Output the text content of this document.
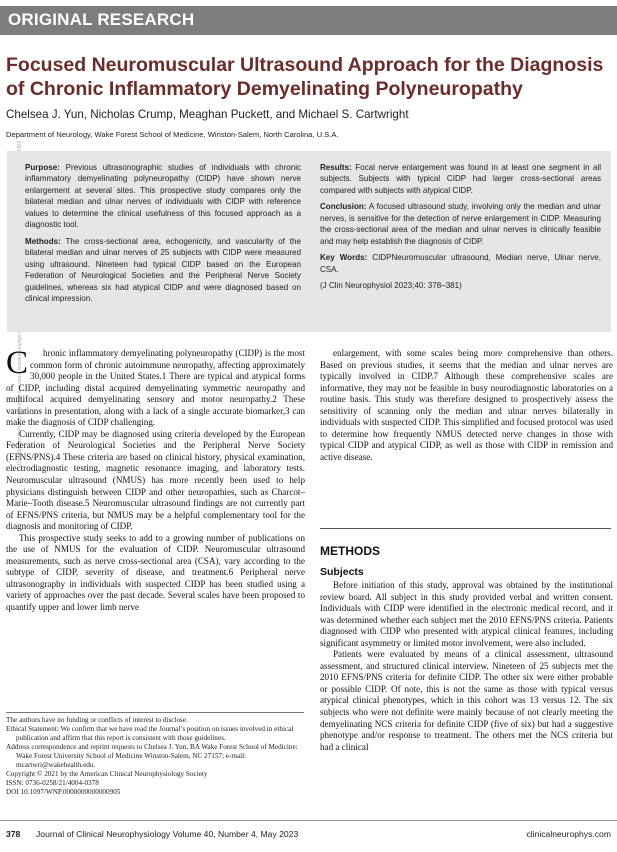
ORIGINAL RESEARCH
Focused Neuromuscular Ultrasound Approach for the Diagnosis of Chronic Inflammatory Demyelinating Polyneuropathy
Chelsea J. Yun, Nicholas Crump, Meaghan Puckett, and Michael S. Cartwright
Department of Neurology, Wake Forest School of Medicine, Winston-Salem, North Carolina, U.S.A.

Purpose: Previous ultrasonographic studies of individuals with chronic inflammatory demyelinating polyneuropathy (CIDP) have shown nerve enlargement at several sites. This prospective study compares only the bilateral median and ulnar nerves of individuals with CIDP with reference values to determine the clinical usefulness of this focused approach as a diagnostic tool.

Methods: The cross-sectional area, echogenicity, and vascularity of the bilateral median and ulnar nerves of 25 subjects with CIDP were measured using ultrasound. Nineteen had typical CIDP based on the European Federation of Neurological Societies and the Peripheral Nerve Society guidelines, whereas six had atypical CIDP and were diagnosed based on clinical impression.

Results: Focal nerve enlargement was found in at least one segment in all subjects. Subjects with typical CIDP had larger cross-sectional areas compared with subjects with atypical CIDP.

Conclusion: A focused ultrasound study, involving only the median and ulnar nerves, is sensitive for the detection of nerve enlargement in CIDP. Measuring the cross-sectional area of the median and ulnar nerves is clinically feasible and may help establish the diagnosis of CIDP.

Key Words: CIDPNeuromuscular ultrasound, Median nerve, Ulnar nerve, CSA.

(J Clin Neurophysiol 2023;40: 378–381)

C hronic inflammatory demyelinating polyneuropathy (CIDP) is the most common form of chronic autoimmune neuropathy, affecting approximately 30,000 people in the United States.1 There are typical and atypical forms of CIDP, including distal acquired demyelinating symmetric neuropathy and multifocal acquired demyelinating sensory and motor neuropathy.2 These variations in presentation, along with a lack of a single accurate biomarker,3 can make the diagnosis of CIDP challenging.

Currently, CIDP may be diagnosed using criteria developed by the European Federation of Neurological Societies and the Peripheral Nerve Society (EFNS/PNS).4 These criteria are based on clinical history, physical examination, electrodiagnostic testing, magnetic resonance imaging, and laboratory tests. Neuromuscular ultrasound (NMUS) has more recently been used to help physicians distinguish between CIDP and other neuropathies, such as Charcot–Marie–Tooth disease.5 Neuromuscular ultrasound findings are not currently part of EFNS/PNS criteria, but NMUS may be a helpful complementary tool for the diagnosis and monitoring of CIDP.

This prospective study seeks to add to a growing number of publications on the use of NMUS for the evaluation of CIDP. Neuromuscular ultrasound measurements, such as nerve cross-sectional area (CSA), vary according to the subtype of CIDP, severity of disease, and treatment.6 Peripheral nerve ultrasonography in individuals with suspected CIDP has been studied using a variety of approaches over the past decade. Several scales have been proposed to quantify upper and lower limb nerve

enlargement, with some scales being more comprehensive than others. Based on previous studies, it seems that the median and ulnar nerves are typically involved in CIDP.7 Although these comprehensive scales are informative, they may not be feasible in busy neurodiagnostic laboratories on a routine basis. This study was therefore designed to prospectively assess the sensitivity of scanning only the median and ulnar nerves bilaterally in individuals with suspected CIDP. This simplified and focused protocol was used to determine how frequently NMUS detected nerve changes in those with typical CIDP and atypical CIDP, as well as those with CIDP in remission and active disease.

METHODS
Subjects

Before initiation of this study, approval was obtained by the institutional review board. All subject in this study provided verbal and written consent. Individuals with CIDP were identified in the electronic medical record, and it was determined whether each subject met the 2010 EFNS/PNS criteria. Patients diagnosed with CIDP who presented with atypical clinical features, including significant asymmetry or limited motor involvement, were also included.

Patients were evaluated by means of a clinical assessment, ultrasound assessment, and structured clinical interview. Nineteen of 25 subjects met the 2010 EFNS/PNS criteria for definite CIDP. The other six were either probable or possible CIDP. Of note, this is not the same as those with typical versus atypical clinical phenotypes, which in this cohort was 13 versus 12. The six subjects who were not definite were mainly because of not clearly meeting the demyelinating NCS criteria for definite CIDP (five of six) but had a suggestive phenotype and/or response to treatment. The others met the NCS criteria but had a clinical

The authors have no funding or conflicts of interest to disclose.

Ethical Statement: We confirm that we have read the Journal’s position on issues involved in ethical publication and affirm that this report is consistent with those guidelines.

Address correspondence and reprint requests to Chelsea J. Yun, BA Wake Forest School of Medicine: Wake Forest University School of Medicine Winston-Salem, NC 27157; e-mail: mcartwri@wakehealth.edu.

Copyright © 2021 by the American Clinical Neurophysiology Society

ISSN: 0736-0258/21/4004-0378

DOI 10.1097/WNP.0000000000000905

378 Journal of Clinical Neurophysiology Volume 40, Number 4, May 2023	clinicalneurophys.com
